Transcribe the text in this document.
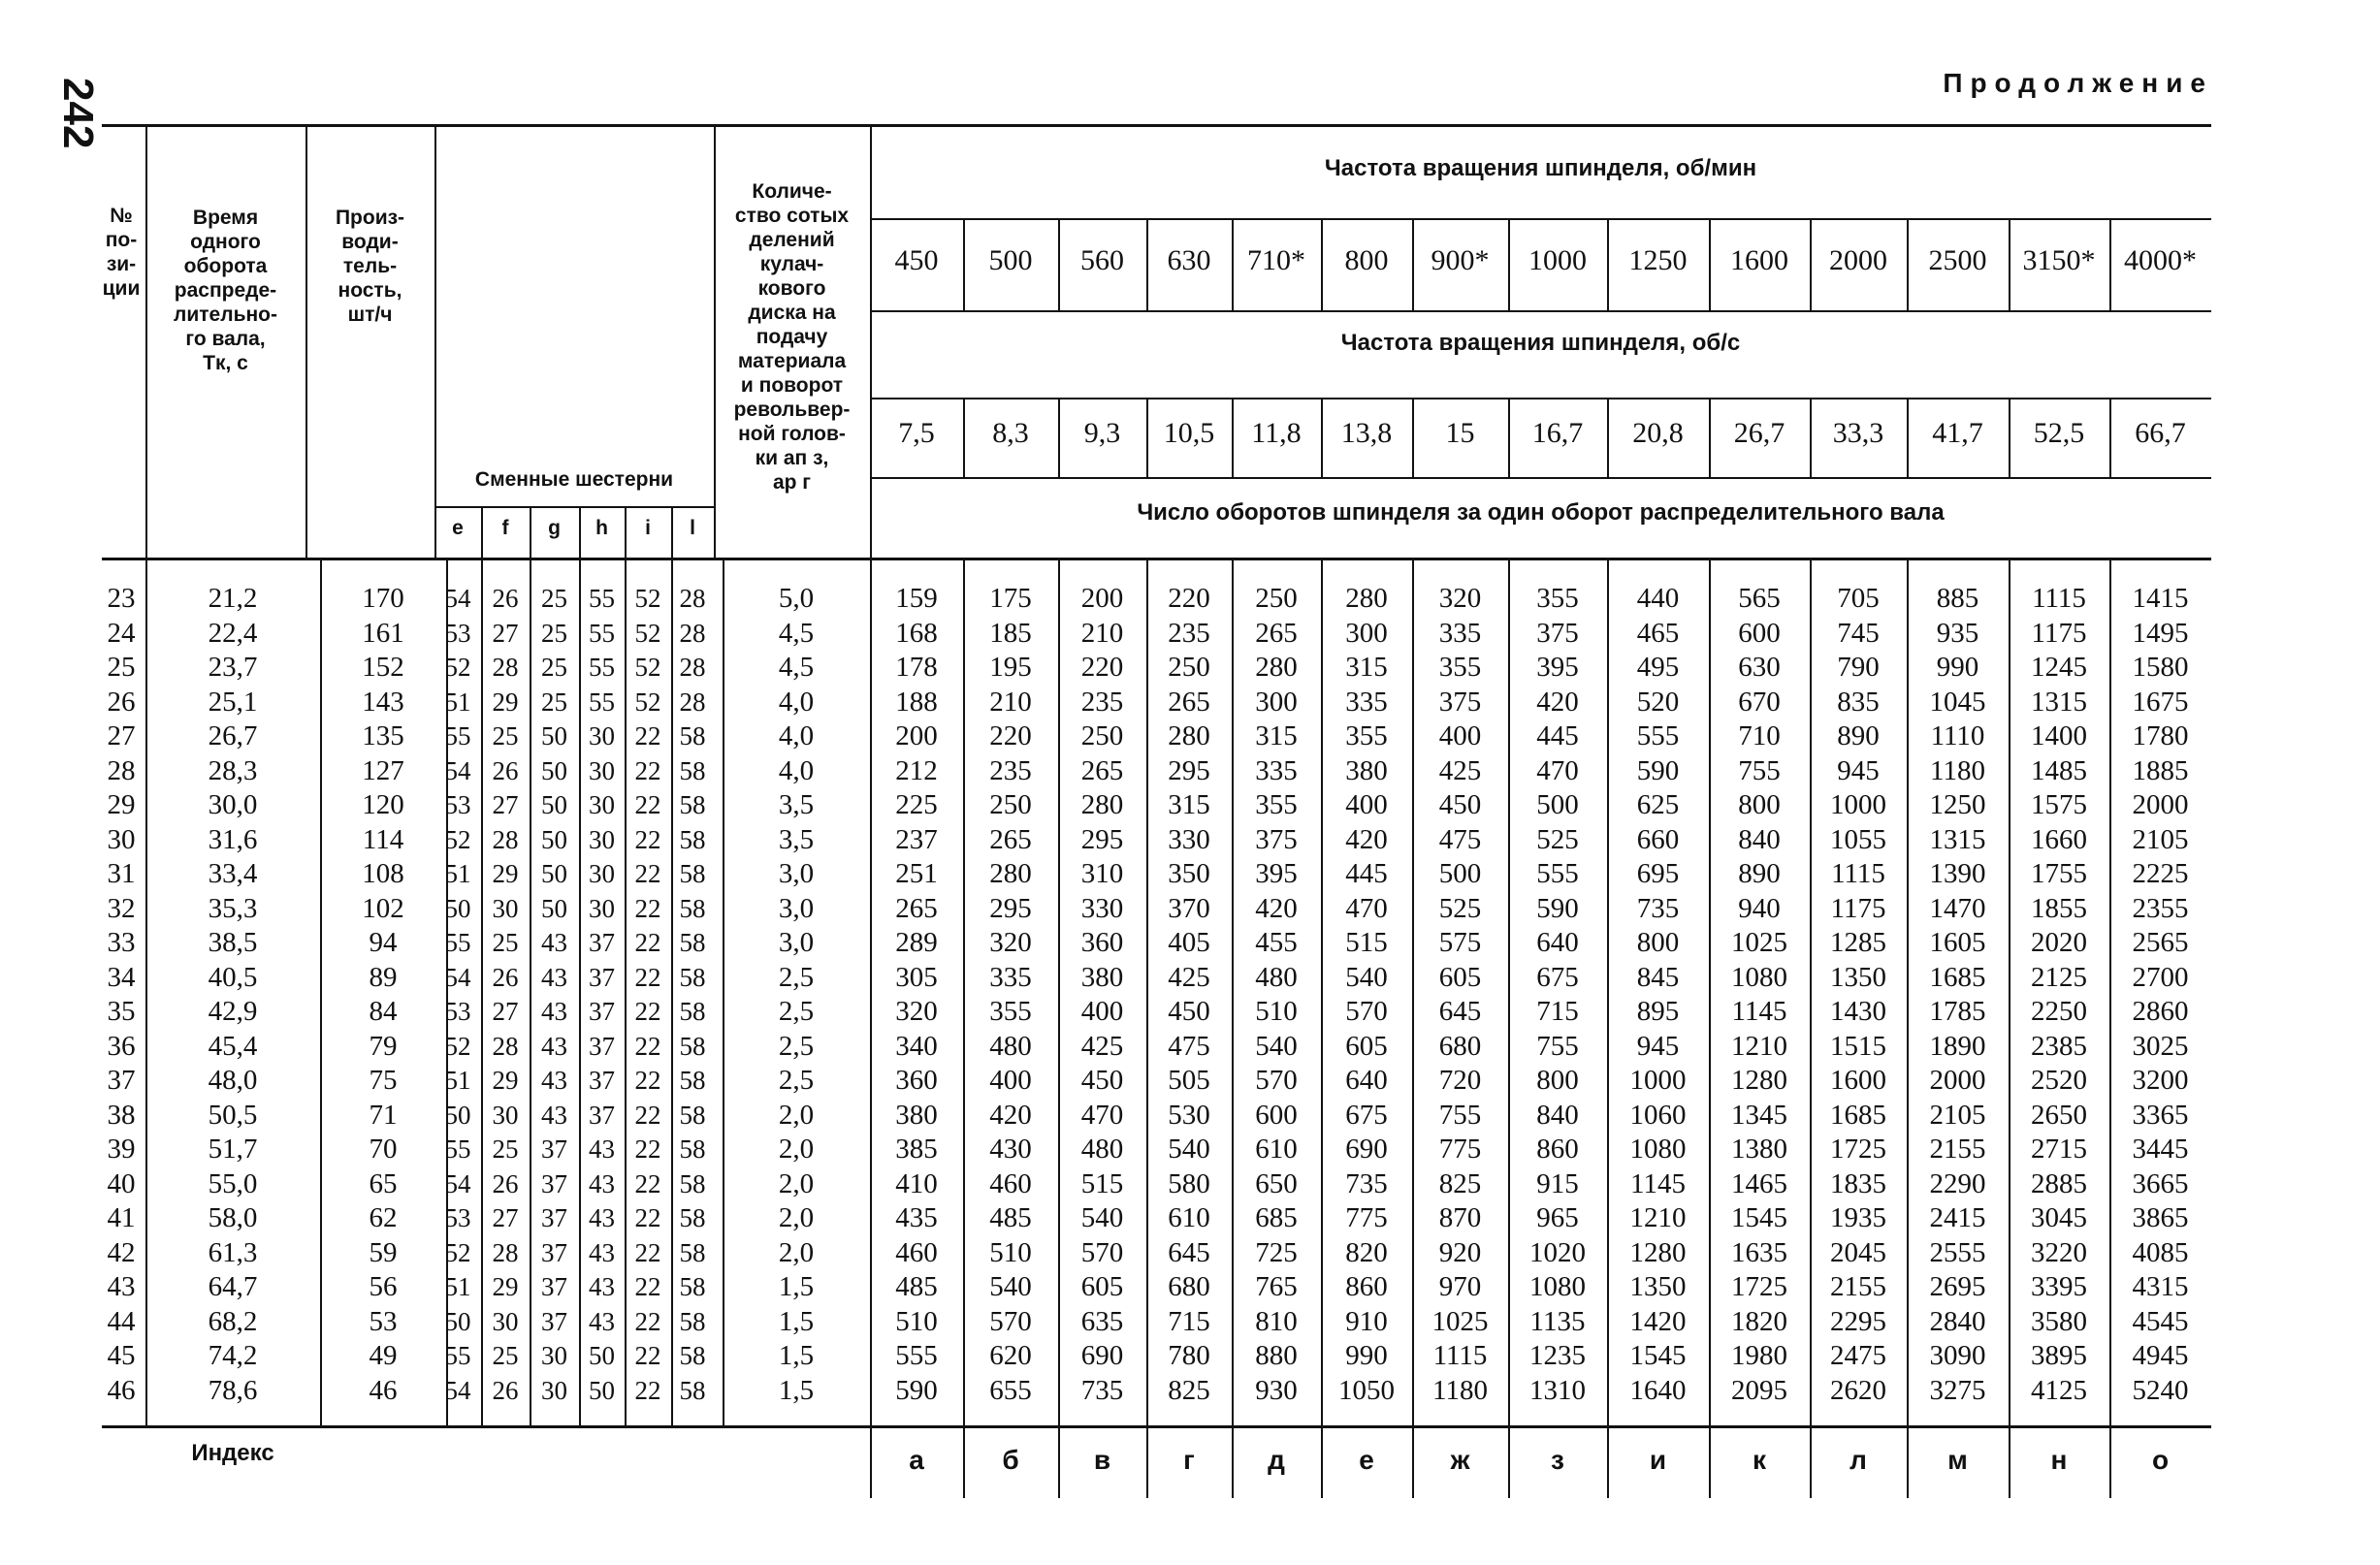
242	Продолжение
№
по-
зи-
ции
Время
одного
оборота
распреде-
лительно-
го вала,
Tк, с
Произ-
води-
тель-
ность,
шт/ч
Количе-
ство сотых
делений
кулач-
кового
диска на
подачу
материала
и поворот
револьвер-
ной голов-
ки aп з,
aр г
Сменные шестерни
e	f	g	h	i	l
Частота вращения шпинделя, об/мин
Частота вращения шпинделя, об/с
Число оборотов шпинделя за один оборот распределительного вала
450	500	560	630	710*	800	900*	1000	1250	1600	2000	2500	3150* 4000*
7,5	8,3	9,3	10,5	11,8	13,8	15	16,7	20,8	26,7	33,3	41,7	52,5	66,7
23	21,2	170	54 26 25 55 52 28	5,0	159	175	200	220	250	280	320	355	440	565	705	885	1115	1415
24	22,4	161	53 27 25 55 52 28	4,5	168	185	210	235	265	300	335	375	465	600	745	935	1175	1495
25	23,7	152	52 28 25 55 52 28	4,5	178	195	220	250	280	315	355	395	495	630	790	990	1245	1580
26	25,1	143	51 29 25 55 52 28	4,0	188	210	235	265	300	335	375	420	520	670	835	1045	1315	1675
27	26,7	135	55 25 50 30 22 58	4,0	200	220	250	280	315	355	400	445	555	710	890	1110	1400	1780
28	28,3	127	54 26 50 30 22 58	4,0	212	235	265	295	335	380	425	470	590	755	945	1180	1485	1885
29	30,0	120	53 27 50 30 22 58	3,5	225	250	280	315	355	400	450	500	625	800	1000	1250	1575	2000
30	31,6	114	52 28 50 30 22 58	3,5	237	265	295	330	375	420	475	525	660	840	1055	1315	1660	2105
31	33,4	108	51 29 50 30 22 58	3,0	251	280	310	350	395	445	500	555	695	890	1115	1390	1755	2225
32	35,3	102	50 30 50 30 22 58	3,0	265	295	330	370	420	470	525	590	735	940	1175	1470	1855	2355
33	38,5	94	55 25 43 37 22 58	3,0	289	320	360	405	455	515	575	640	800	1025	1285	1605	2020	2565
34	40,5	89	54 26 43 37 22 58	2,5	305	335	380	425	480	540	605	675	845	1080	1350	1685	2125	2700
35	42,9	84	53 27 43 37 22 58	2,5	320	355	400	450	510	570	645	715	895	1145	1430	1785	2250	2860
36	45,4	79	52 28 43 37 22 58	2,5	340	480	425	475	540	605	680	755	945	1210	1515	1890	2385	3025
37	48,0	75	51 29 43 37 22 58	2,5	360	400	450	505	570	640	720	800	1000	1280	1600	2000	2520	3200
38	50,5	71	50 30 43 37 22 58	2,0	380	420	470	530	600	675	755	840	1060	1345	1685	2105	2650	3365
39	51,7	70	55 25 37 43 22 58	2,0	385	430	480	540	610	690	775	860	1080	1380	1725	2155	2715	3445
40	55,0	65	54 26 37 43 22 58	2,0	410	460	515	580	650	735	825	915	1145	1465	1835	2290	2885	3665
41	58,0	62	53 27 37 43 22 58	2,0	435	485	540	610	685	775	870	965	1210	1545	1935	2415	3045	3865
42	61,3	59	52 28 37 43 22 58	2,0	460	510	570	645	725	820	920	1020	1280	1635	2045	2555	3220	4085
43	64,7	56	51 29 37 43 22 58	1,5	485	540	605	680	765	860	970	1080	1350	1725	2155	2695	3395	4315
44	68,2	53	50 30 37 43 22 58	1,5	510	570	635	715	810	910	1025	1135	1420	1820	2295	2840	3580	4545
45	74,2	49	55 25 30 50 22 58	1,5	555	620	690	780	880	990	1115	1235	1545	1980	2475	3090	3895	4945
46	78,6	46	54 26 30 50 22 58	1,5	590	655	735	825	930	1050	1180	1310	1640	2095	2620	3275	4125	5240
Индекс	а	б	в	г	д	е	ж	з	и	к	л	м	н	о
